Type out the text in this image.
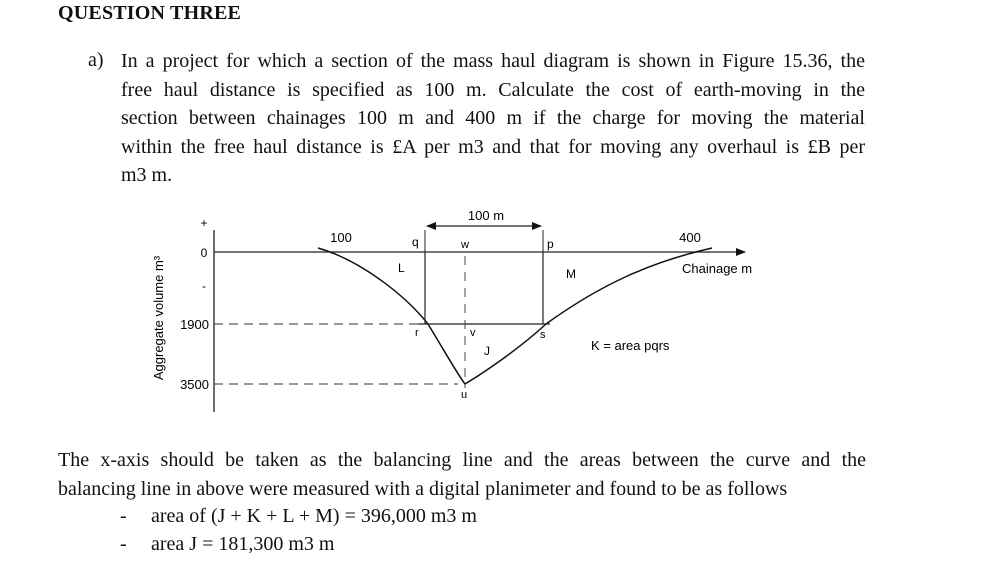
QUESTION THREE
a) In a project for which a section of the mass haul diagram is shown in Figure 15.36, the
free haul distance is specified as 100 m. Calculate the cost of earth-moving in the
section between chainages 100 m and 400 m if the charge for moving the material
within the free haul distance is £A per m3 and that for moving any overhaul is £B per
m3 m.
Aggregate volume m³
+
0
-
1900
3500
Chainage m
100 m
100	400
q	w	p
r	s
v
u
L	M
J	K = area pqrs
The x-axis should be taken as the balancing line and the areas between the curve and the
balancing line in above were measured with a digital planimeter and found to be as follows
- area of (J + K + L + M) = 396,000 m3 m
- area J = 181,300 m3 m
